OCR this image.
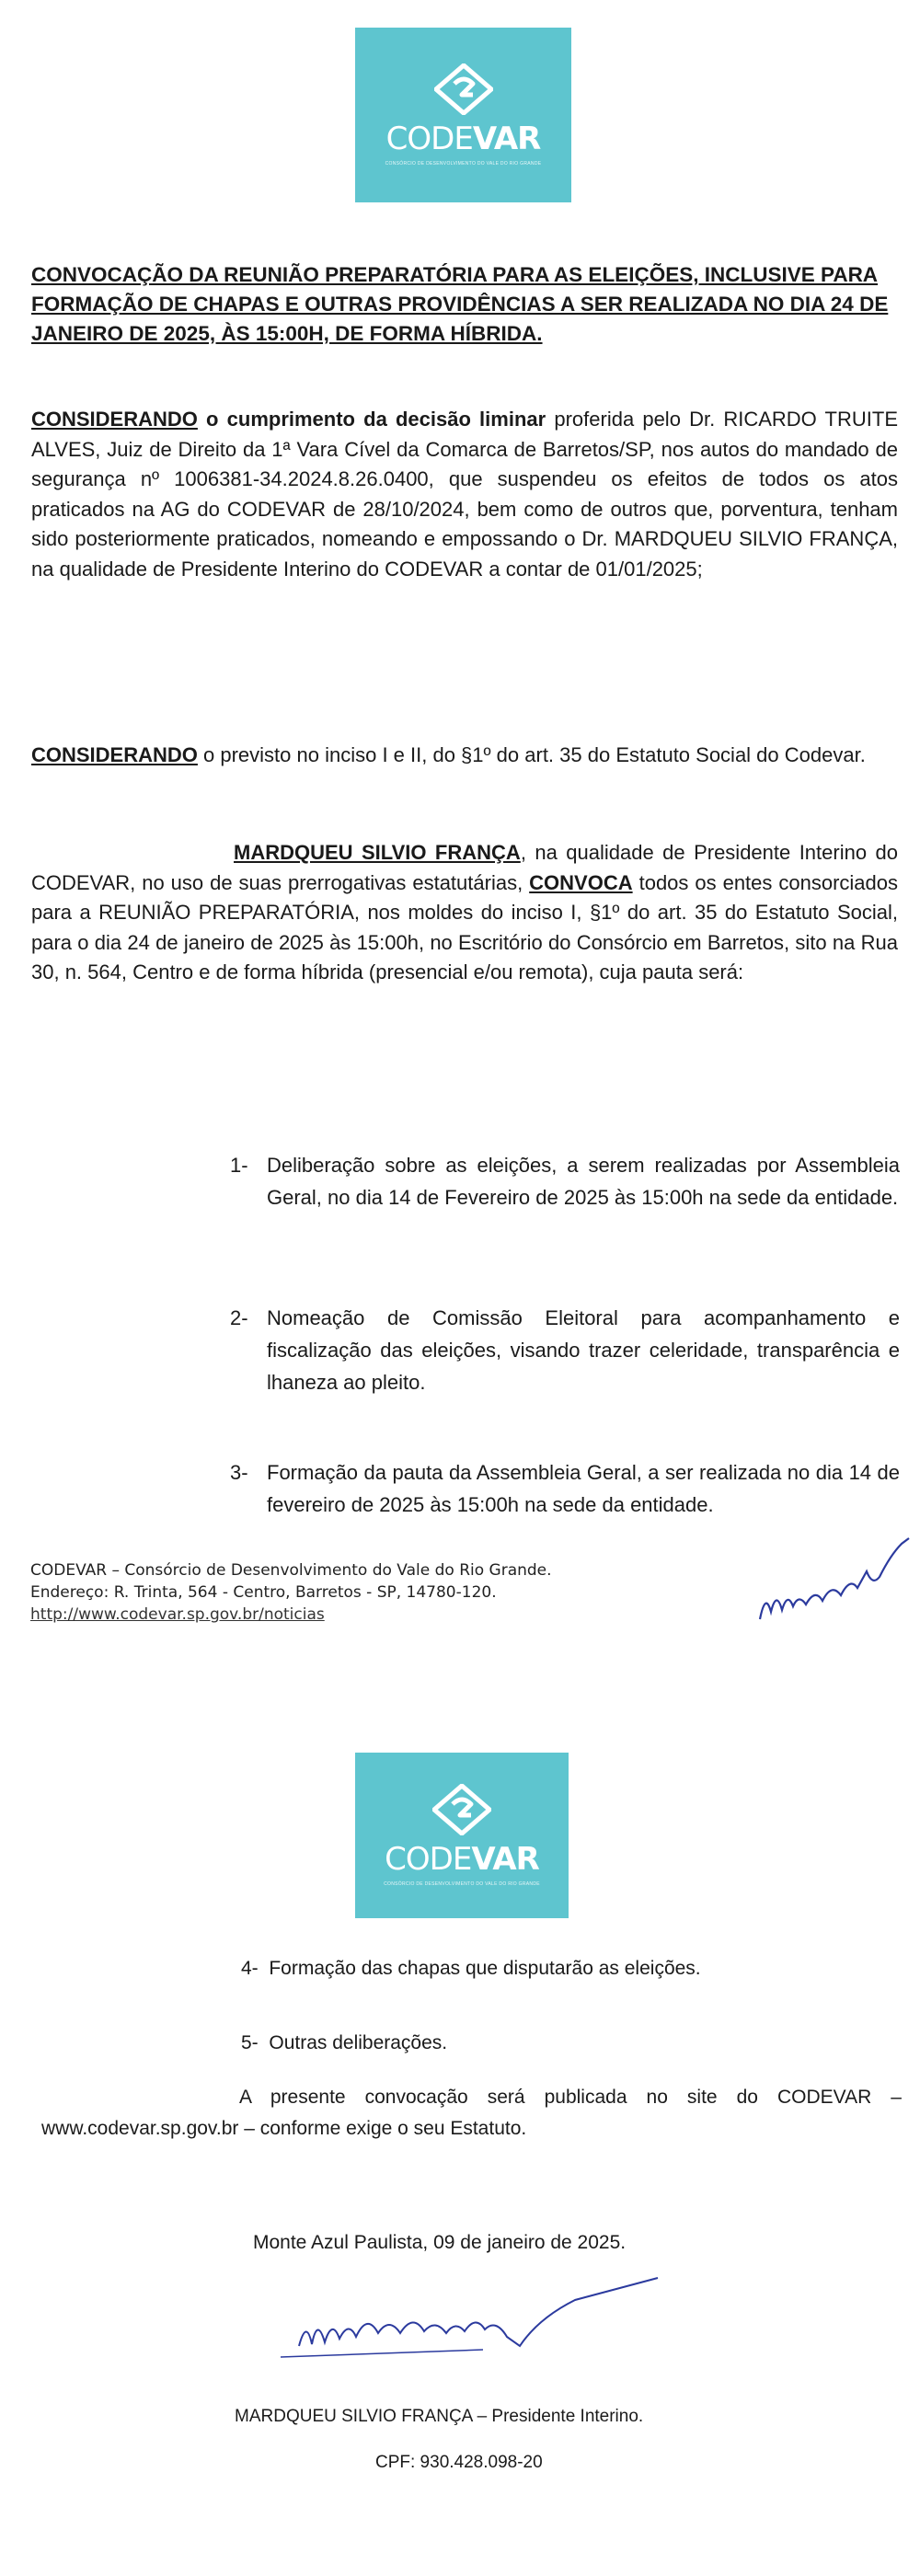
CODEVAR
CONSÓRCIO DE DESENVOLVIMENTO DO VALE DO RIO GRANDE
CONVOCAÇÃO DA REUNIÃO PREPARATÓRIA PARA AS ELEIÇÕES, INCLUSIVE PARA FORMAÇÃO DE CHAPAS E OUTRAS PROVIDÊNCIAS A SER REALIZADA NO DIA 24 DE JANEIRO DE 2025, ÀS 15:00H, DE FORMA HÍBRIDA.
CONSIDERANDO o cumprimento da decisão liminar proferida pelo Dr. RICARDO TRUITE ALVES, Juiz de Direito da 1ª Vara Cível da Comarca de Barretos/SP, nos autos do mandado de segurança nº 1006381-34.2024.8.26.0400, que suspendeu os efeitos de todos os atos praticados na AG do CODEVAR de 28/10/2024, bem como de outros que, porventura, tenham sido posteriormente praticados, nomeando e empossando o Dr. MARDQUEU SILVIO FRANÇA, na qualidade de Presidente Interino do CODEVAR a contar de 01/01/2025;
CONSIDERANDO o previsto no inciso I e II, do §1º do art. 35 do Estatuto Social do Codevar.
MARDQUEU SILVIO FRANÇA, na qualidade de Presidente Interino do CODEVAR, no uso de suas prerrogativas estatutárias, CONVOCA todos os entes consorciados para a REUNIÃO PREPARATÓRIA, nos moldes do inciso I, §1º do art. 35 do Estatuto Social, para o dia 24 de janeiro de 2025 às 15:00h, no Escritório do Consórcio em Barretos, sito na Rua 30, n. 564, Centro e de forma híbrida (presencial e/ou remota), cuja pauta será:
1- Deliberação sobre as eleições, a serem realizadas por Assembleia Geral, no dia 14 de Fevereiro de 2025 às 15:00h na sede da entidade.
2- Nomeação de Comissão Eleitoral para acompanhamento e fiscalização das eleições, visando trazer celeridade, transparência e lhaneza ao pleito.
3- Formação da pauta da Assembleia Geral, a ser realizada no dia 14 de fevereiro de 2025 às 15:00h na sede da entidade.
CODEVAR – Consórcio de Desenvolvimento do Vale do Rio Grande.
Endereço: R. Trinta, 564 - Centro, Barretos - SP, 14780-120.
http://www.codevar.sp.gov.br/noticias
CODEVAR
CONSÓRCIO DE DESENVOLVIMENTO DO VALE DO RIO GRANDE
4- Formação das chapas que disputarão as eleições.
5- Outras deliberações.
A presente convocação será publicada no site do CODEVAR – www.codevar.sp.gov.br – conforme exige o seu Estatuto.
Monte Azul Paulista, 09 de janeiro de 2025.
MARDQUEU SILVIO FRANÇA – Presidente Interino.
CPF: 930.428.098-20
